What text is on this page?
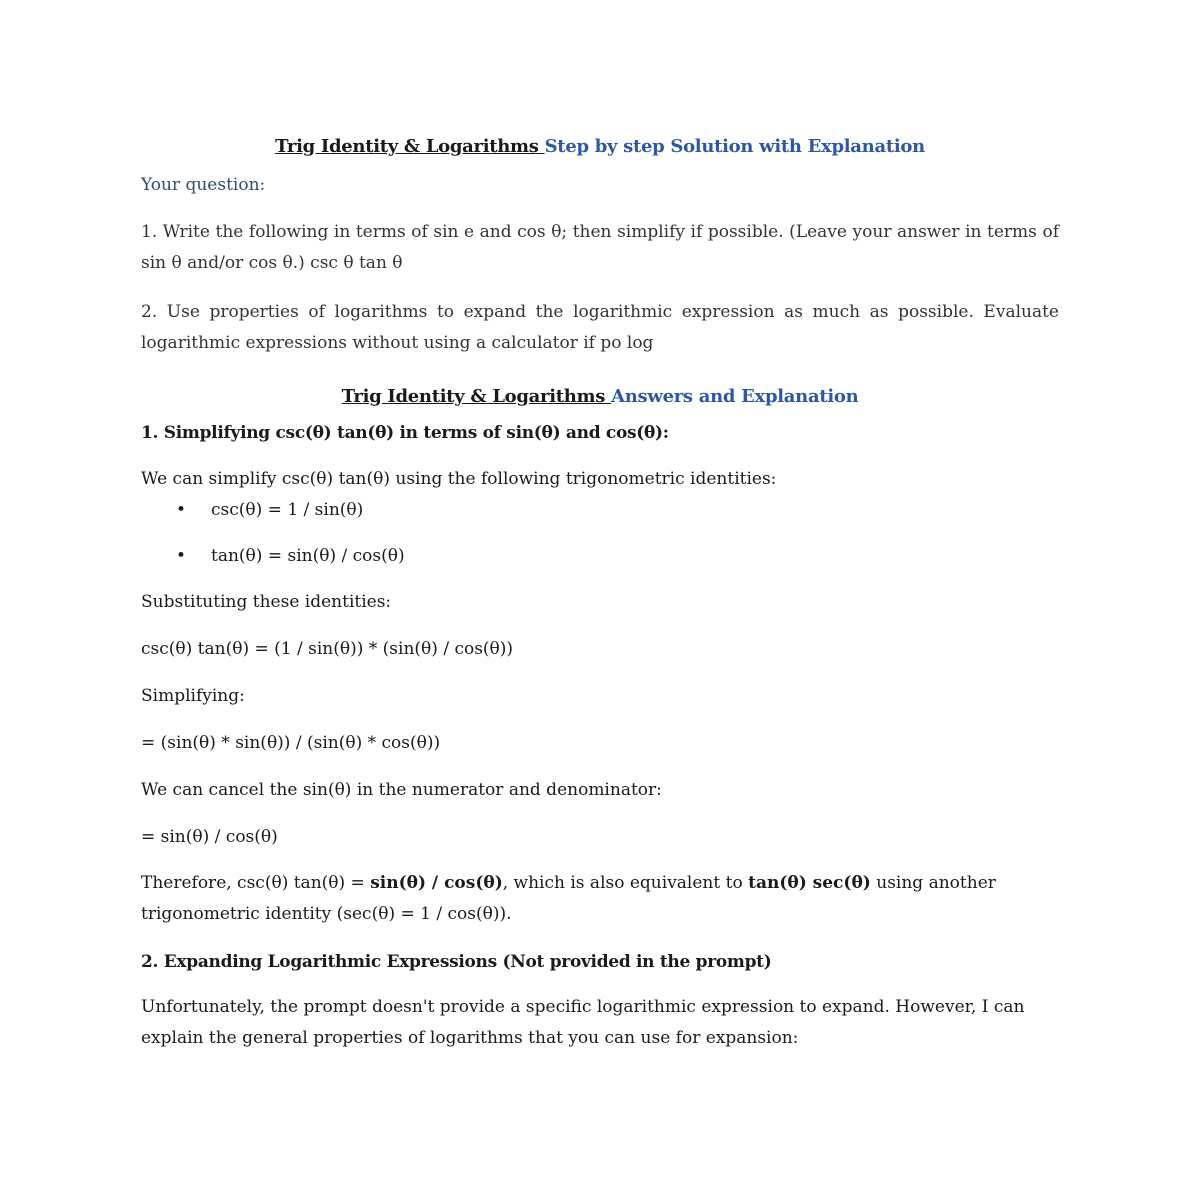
Trig Identity & Logarithms Step by step Solution with Explanation

Your question:

1. Write the following in terms of sin e and cos θ; then simplify if possible. (Leave your answer in terms of sin θ and/or cos θ.) csc θ tan θ

2. Use properties of logarithms to expand the logarithmic expression as much as possible. Evaluate logarithmic expressions without using a calculator if po log

Trig Identity & Logarithms Answers and Explanation

1. Simplifying csc(θ) tan(θ) in terms of sin(θ) and cos(θ):

We can simplify csc(θ) tan(θ) using the following trigonometric identities:

• csc(θ) = 1 / sin(θ)
• tan(θ) = sin(θ) / cos(θ)

Substituting these identities:

csc(θ) tan(θ) = (1 / sin(θ)) * (sin(θ) / cos(θ))

Simplifying:

= (sin(θ) * sin(θ)) / (sin(θ) * cos(θ))

We can cancel the sin(θ) in the numerator and denominator:

= sin(θ) / cos(θ)

Therefore, csc(θ) tan(θ) = sin(θ) / cos(θ), which is also equivalent to tan(θ) sec(θ) using another trigonometric identity (sec(θ) = 1 / cos(θ)).

2. Expanding Logarithmic Expressions (Not provided in the prompt)

Unfortunately, the prompt doesn't provide a specific logarithmic expression to expand. However, I can explain the general properties of logarithms that you can use for expansion:
